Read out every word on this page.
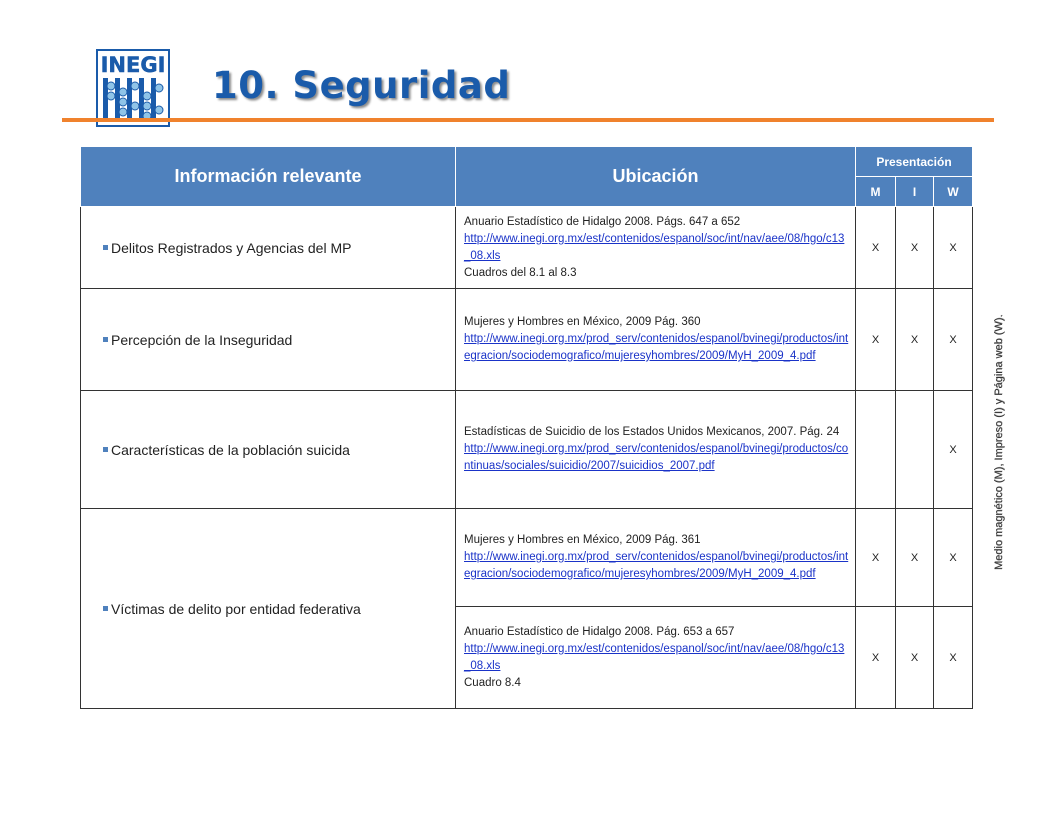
INEGI 10. Seguridad
Información relevante	Ubicación	Presentación		
		M	I	W
Delitos Registrados y Agencias del MP	Anuario Estadístico de Hidalgo 2008. Págs. 647 a 652
http://www.inegi.org.mx/est/contenidos/espanol/soc/int/nav/aee/08/hgo/c13_08.xls
Cuadros del 8.1 al 8.3	X	X	X
Percepción de la Inseguridad	Mujeres y Hombres en México, 2009 Pág. 360
http://www.inegi.org.mx/prod_serv/contenidos/espanol/bvinegi/productos/integracion/sociodemografico/mujeresyhombres/2009/MyH_2009_4.pdf	X	X	X
Características de la población suicida	Estadísticas de Suicidio de los Estados Unidos Mexicanos, 2007. Pág. 24
http://www.inegi.org.mx/prod_serv/contenidos/espanol/bvinegi/productos/continuas/sociales/suicidio/2007/suicidios_2007.pdf			X
Víctimas de delito por entidad federativa	Mujeres y Hombres en México, 2009 Pág. 361
http://www.inegi.org.mx/prod_serv/contenidos/espanol/bvinegi/productos/integracion/sociodemografico/mujeresyhombres/2009/MyH_2009_4.pdf	X	X	X

	Anuario Estadístico de Hidalgo 2008. Pág. 653 a 657
http://www.inegi.org.mx/est/contenidos/espanol/soc/int/nav/aee/08/hgo/c13_08.xls
Cuadro 8.4	X	X	X
Medio magnético (M), Impreso (I) y Página web (W).
